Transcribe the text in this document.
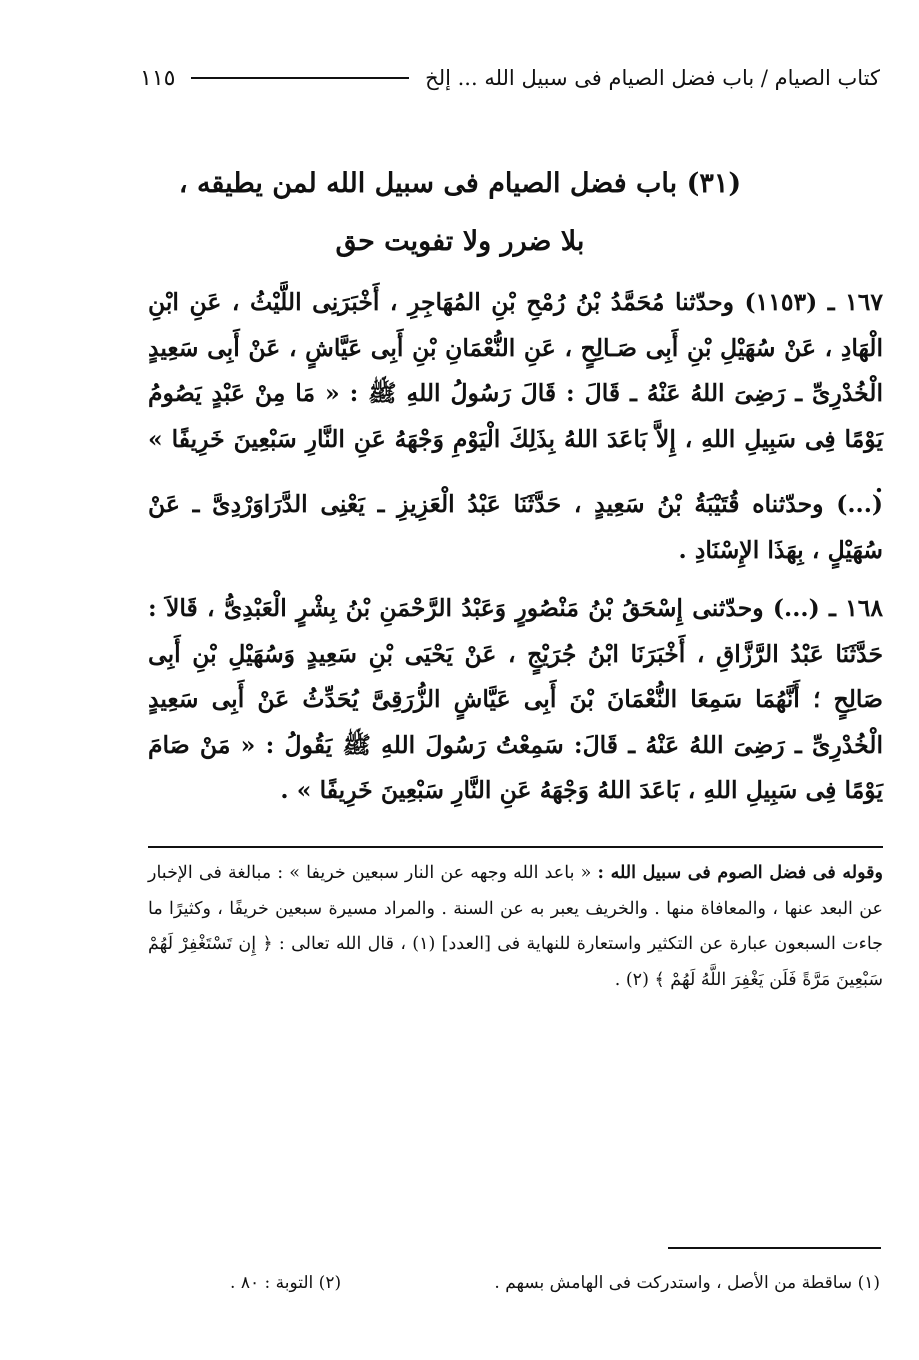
كتاب الصيام / باب فضل الصيام فى سبيل الله ... إلخ
١١٥
(٣١) باب فضل الصيام فى سبيل الله لمن يطيقه ،
بلا ضرر ولا تفويت حق
١٦٧ ـ (١١٥٣) وحدّثنا مُحَمَّدُ بْنُ رُمْحِ بْنِ المُهَاجِرِ ، أَخْبَرَنِى اللَّيْثُ ، عَنِ ابْنِ الْهَادِ ، عَنْ سُهَيْلِ بْنِ أَبِى صَـالِحٍ ، عَنِ النُّعْمَانِ بْنِ أَبِى عَيَّاشٍ ، عَنْ أَبِى سَعِيدٍ الْخُدْرِىِّ ـ رَضِىَ اللهُ عَنْهُ ـ قَالَ : قَالَ رَسُولُ اللهِ ﷺ : « مَا مِنْ عَبْدٍ يَصُومُ يَوْمًا فِى سَبِيلِ اللهِ ، إِلاَّ بَاعَدَ اللهُ بِذَلِكَ الْيَوْمِ وَجْهَهُ عَنِ النَّارِ سَبْعِينَ خَرِيفًا » .
(...) وحدّثناه قُتَيْبَةُ بْنُ سَعِيدٍ ، حَدَّثَنَا عَبْدُ الْعَزِيزِ ـ يَعْنِى الدَّرَاوَرْدِىَّ ـ عَنْ سُهَيْلٍ ، بِهَذَا الإِسْنَادِ .
١٦٨ ـ (...) وحدّثنى إِسْحَقُ بْنُ مَنْصُورٍ وَعَبْدُ الرَّحْمَنِ بْنُ بِشْرٍ الْعَبْدِىُّ ، قَالاَ : حَدَّثَنَا عَبْدُ الرَّزَّاقِ ، أَخْبَرَنَا ابْنُ جُرَيْجٍ ، عَنْ يَحْيَى بْنِ سَعِيدٍ وَسُهَيْلِ بْنِ أَبِى صَالِحٍ ؛ أَنَّهُمَا سَمِعَا النُّعْمَانَ بْنَ أَبِى عَيَّاشٍ الزُّرَقِىَّ يُحَدِّثُ عَنْ أَبِى سَعِيدٍ الْخُدْرِىِّ ـ رَضِىَ اللهُ عَنْهُ ـ قَالَ: سَمِعْتُ رَسُولَ اللهِ ﷺ يَقُولُ : « مَنْ صَامَ يَوْمًا فِى سَبِيلِ اللهِ ، بَاعَدَ اللهُ وَجْهَهُ عَنِ النَّارِ سَبْعِينَ خَرِيفًا » .
وقوله فى فضل الصوم فى سبيل الله : « باعد الله وجهه عن النار سبعين خريفا » : مبالغة فى الإخبار عن البعد عنها ، والمعافاة منها . والخريف يعبر به عن السنة . والمراد مسيرة سبعين خريفًا ، وكثيرًا ما جاءت السبعون عبارة عن التكثير واستعارة للنهاية فى [العدد] (١) ، قال الله تعالى : ﴿ إِن تَسْتَغْفِرْ لَهُمْ سَبْعِينَ مَرَّةً فَلَن يَغْفِرَ اللَّهُ لَهُمْ ﴾ (٢) .
(١) ساقطة من الأصل ، واستدركت فى الهامش بسهم .
(٢) التوبة : ٨٠ .
